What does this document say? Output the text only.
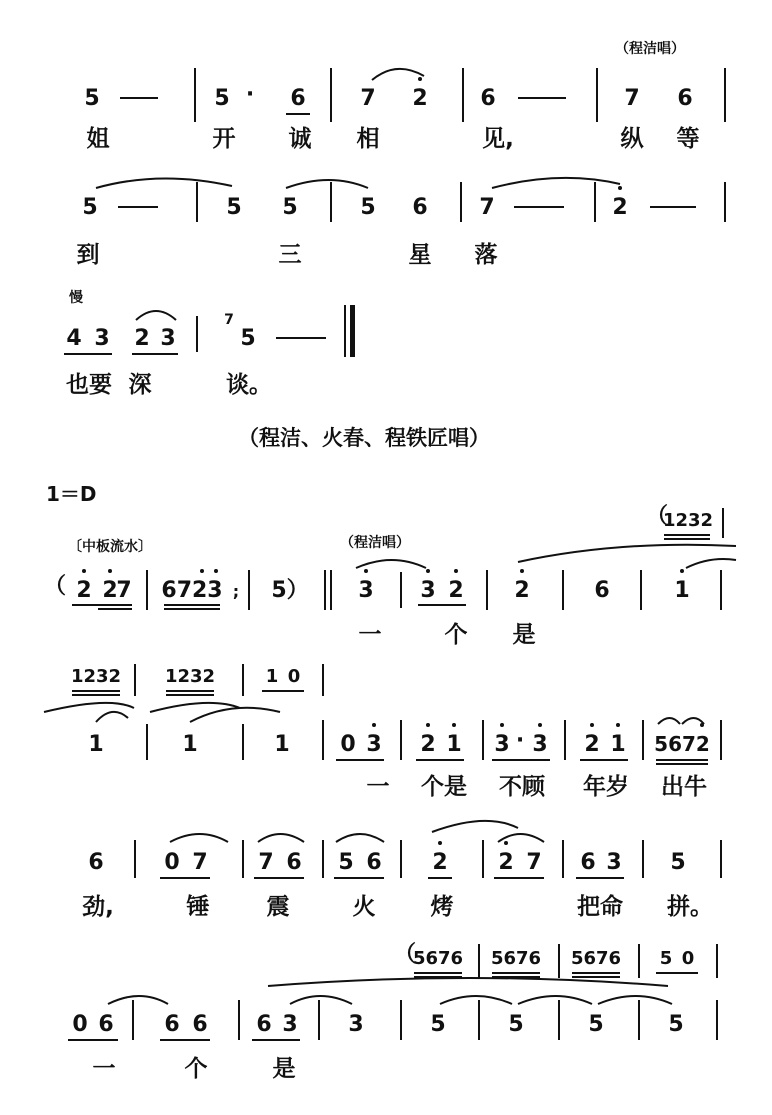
（程洁唱）
5	5 · 6 7 2 6	7 6
姐	开 诚 相	见,	纵 等
5	5 5	5 6 7	2
到	三	星 落
慢
4 3 2 3
7
5
也要 深	谈。
（程洁、火春、程铁匠唱）
1＝D
〔中板流水〕	（程洁唱）
（
1232
（ 2 2
7 6723 ; 5） 3 3 2 2	6	1
一	个 是
1232 1232	1 0
1	1	1 0 3 2 1 3 · 3 2 1 5672
一 个是 不顾 年岁 出牛
6	0 7 7 6 5 6 2 2 7 6 3 5
劲,	锤 震	火 烤	把命 拼。
（
5676 5676 5676 5 0
0 6 6 6 6 3 3	5	5	5	5
一	个	是
